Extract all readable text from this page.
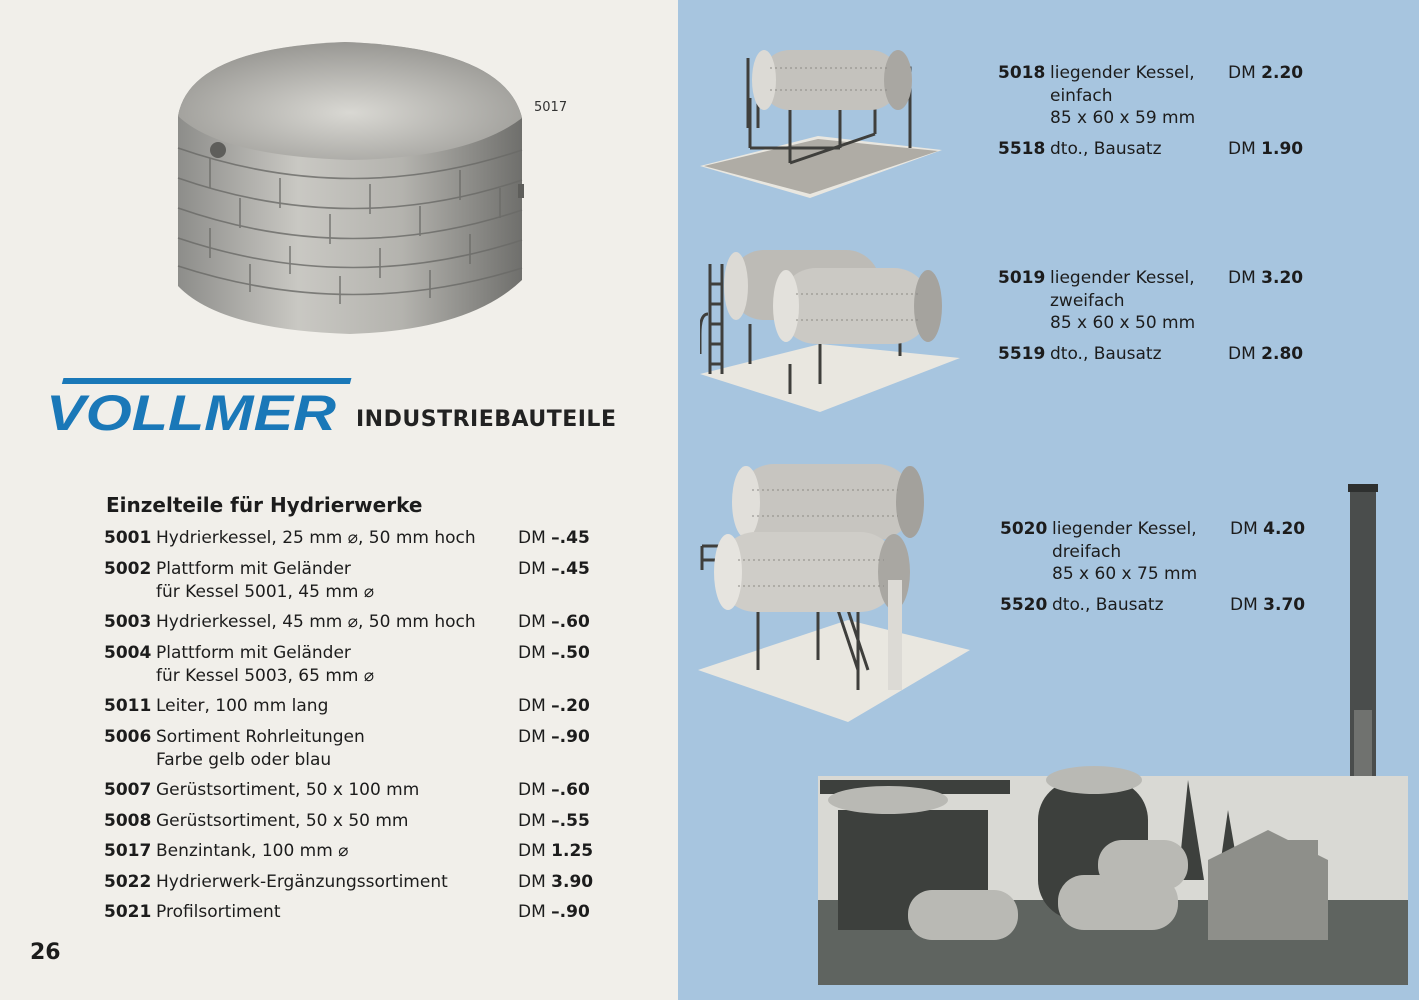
5017
VOLLMER INDUSTRIEBAUTEILE
Einzelteile für Hydrierwerke
5001 Hydrierkessel, 25 mm ⌀, 50 mm hoch	DM –.45
5002 Plattform mit Geländer
für Kessel 5001, 45 mm ⌀
DM –.45
5003 Hydrierkessel, 45 mm ⌀, 50 mm hoch	DM –.60
5004 Plattform mit Geländer
für Kessel 5003, 65 mm ⌀
DM –.50
5011 Leiter, 100 mm lang	DM –.20
5006 Sortiment Rohrleitungen
Farbe gelb oder blau
DM –.90
5007 Gerüstsortiment, 50 x 100 mm	DM –.60
5008 Gerüstsortiment, 50 x 50 mm	DM –.55
5017 Benzintank, 100 mm ⌀	DM 1.25
5022 Hydrierwerk-Ergänzungssortiment	DM 3.90
5021 Profilsortiment	DM –.90
26
5018 liegender Kessel,	DM 2.20
einfach
85 x 60 x 59 mm
5518 dto., Bausatz	DM 1.90
5019 liegender Kessel,	DM 3.20
zweifach
85 x 60 x 50 mm
5519 dto., Bausatz	DM 2.80
5020 liegender Kessel,	DM 4.20
dreifach
85 x 60 x 75 mm
5520 dto., Bausatz	DM 3.70
